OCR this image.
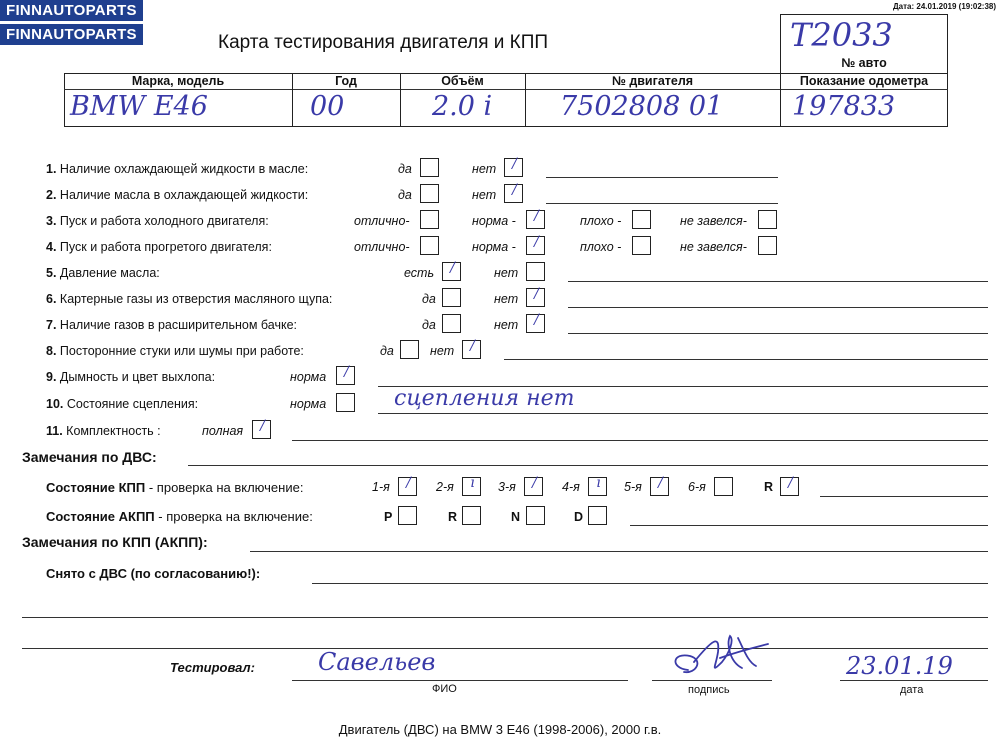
FINNAUTOPARTS
FINNAUTOPARTS
Дата: 24.01.2019 (19:02:38)
Карта тестирования двигателя и КПП	Т2033
№ авто
Марка, модель	Год	Объём	№ двигателя	Показание одометра
BMW E46	00	2.0 i	7502808 01	197833
1. Наличие охлаждающей жидкости в масле:	да	нет	/
2. Наличие масла в охлаждающей жидкости:	да	нет	/
3. Пуск и работа холодного двигателя:	отлично-	норма -	/	плохо -	не завелся-
4. Пуск и работа прогретого двигателя:	отлично-	норма -	/	плохо -	не завелся-
5. Давление масла:	есть	/	нет
6. Картерные газы из отверстия масляного щупа:	да	нет	/
7. Наличие газов в расширительном бачке:	да	нет	/
8. Посторонние стуки или шумы при работе:	да	нет	/
9. Дымность и цвет выхлопа:	норма	/
10. Состояние сцепления:	норма	сцепления нет
11. Комплектность :	полная	/
Замечания по ДВС:
Состояние КПП - проверка на включение:	1-я	/	2-я	ı	3-я	/	4-я	ı	5-я	/	6-я	R	/
Состояние АКПП - проверка на включение:	P	R	N	D
Замечания по КПП (АКПП):
Снято с ДВС (по согласованию!):
Тестировал:	Савельев
ФИО	подпись
23.01.19
дата
Двигатель (ДВС) на BMW 3 E46 (1998-2006), 2000 г.в.
